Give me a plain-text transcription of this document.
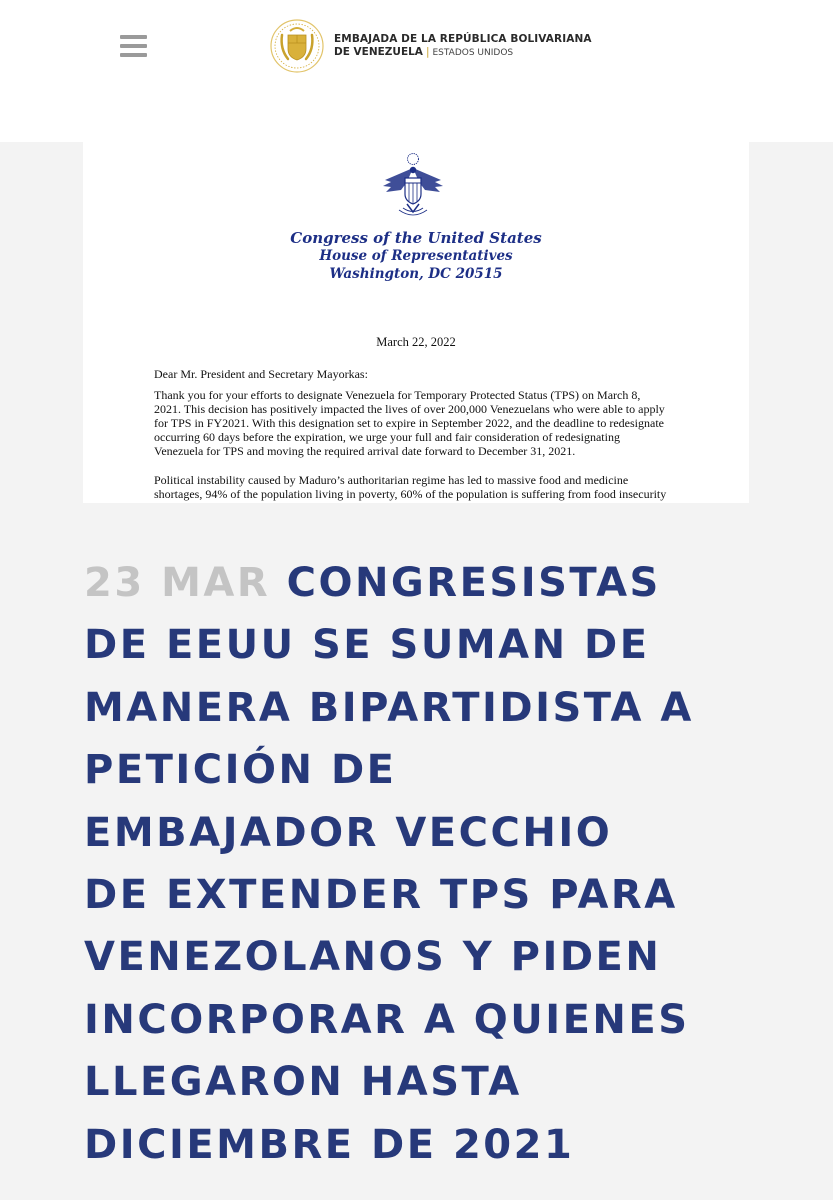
EMBAJADA DE LA REPÚBLICA BOLIVARIANA
DE VENEZUELA | ESTADOS UNIDOS
Congress of the United States
House of Representatives
Washington, DC 20515
March 22, 2022
Dear Mr. President and Secretary Mayorkas:
Thank you for your efforts to designate Venezuela for Temporary Protected Status (TPS) on March 8,
2021. This decision has positively impacted the lives of over 200,000 Venezuelans who were able to apply
for TPS in FY2021. With this designation set to expire in September 2022, and the deadline to redesignate
occurring 60 days before the expiration, we urge your full and fair consideration of redesignating
Venezuela for TPS and moving the required arrival date forward to December 31, 2021.
Political instability caused by Maduro’s authoritarian regime has led to massive food and medicine
shortages, 94% of the population living in poverty, 60% of the population is suffering from food insecurity
23 MAR CONGRESISTAS
DE EEUU SE SUMAN DE
MANERA BIPARTIDISTA A
PETICIÓN DE
EMBAJADOR VECCHIO
DE EXTENDER TPS PARA
VENEZOLANOS Y PIDEN
INCORPORAR A QUIENES
LLEGARON HASTA
DICIEMBRE DE 2021
